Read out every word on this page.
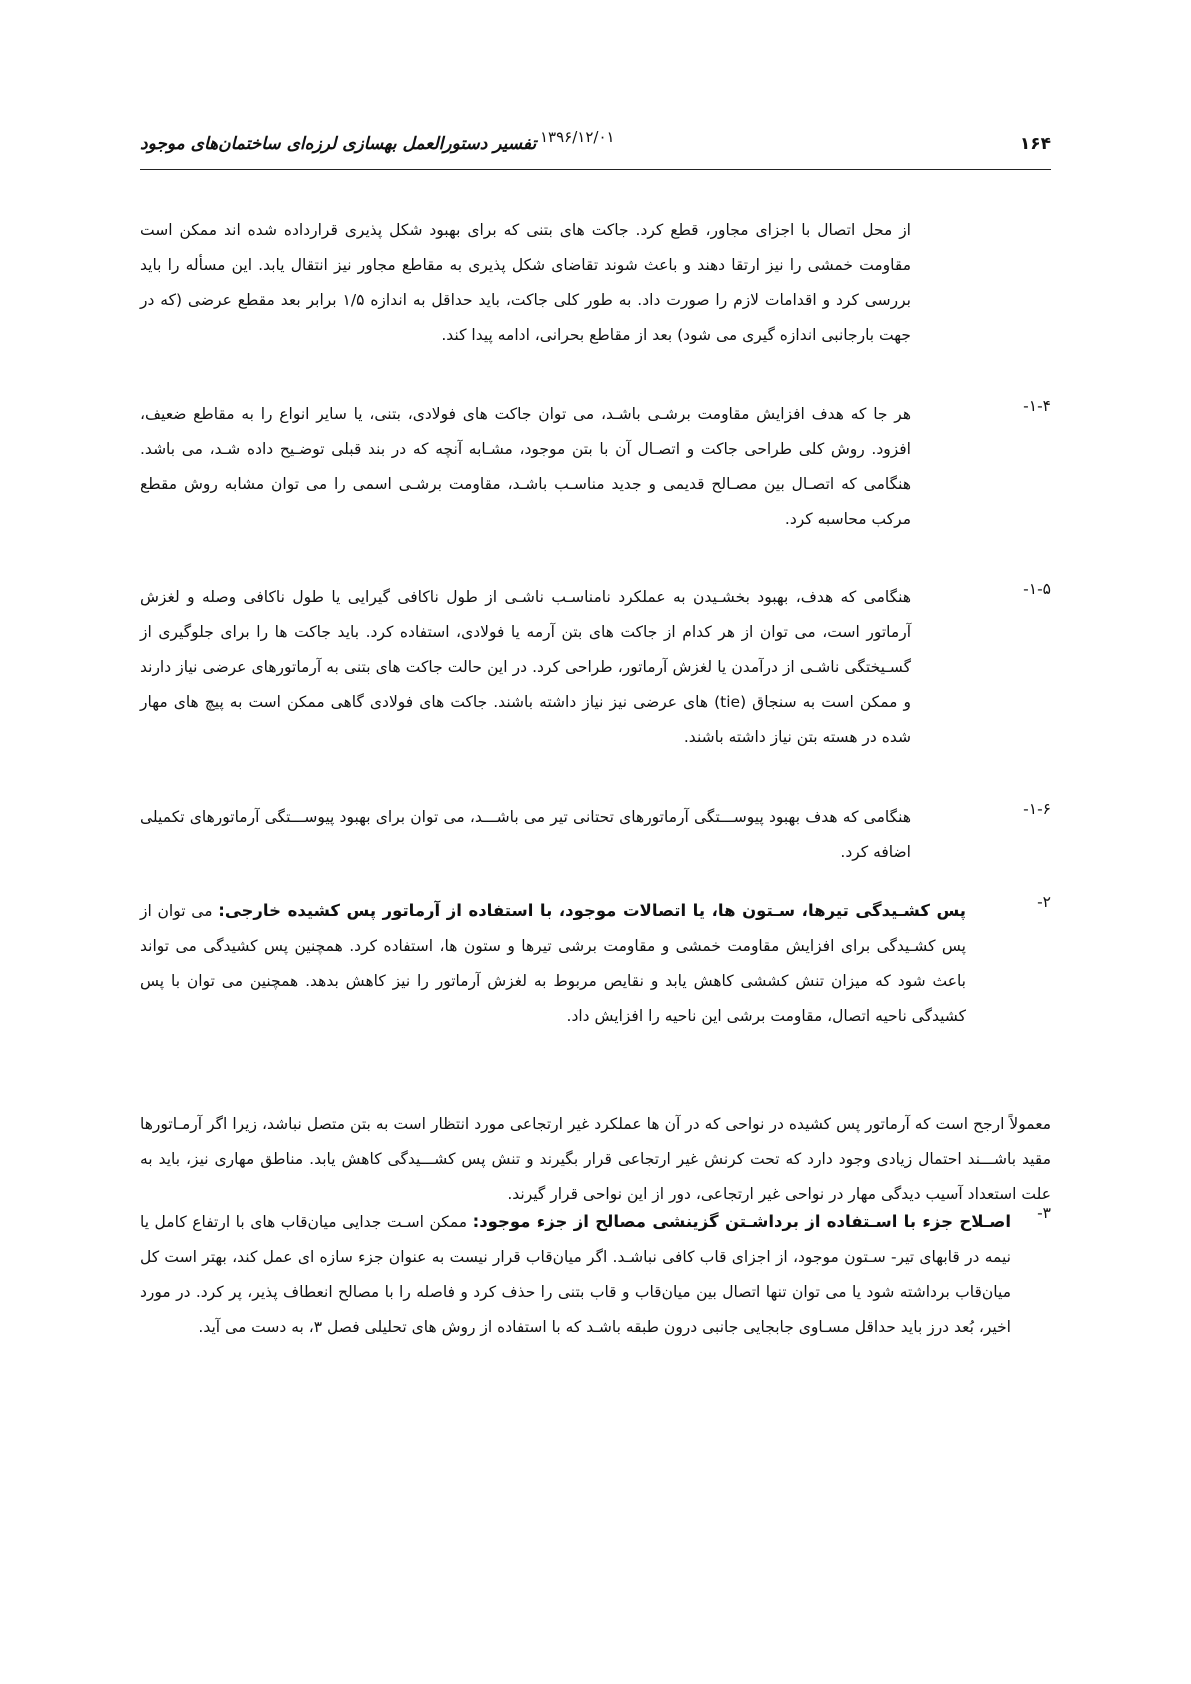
۱۶۴
۱۳۹۶/۱۲/۰۱
تفسیر دستورالعمل بهسازی لرزه‌ای ساختمان‌های موجود
از محل اتصال با اجزای مجاور، قطع کرد. جاکت های بتنی که برای بهبود شکل پذیری قرارداده شده اند ممکن است مقاومت خمشی را نیز ارتقا دهند و باعث شوند تقاضای شکل پذیری به مقاطع مجاور نیز انتقال یابد. این مسأله را باید بررسی کرد و اقدامات لازم را صورت داد. به طور کلی جاکت، باید حداقل به اندازه ۱/۵ برابر بعد مقطع عرضی (که در جهت بارجانبی اندازه گیری می شود) بعد از مقاطع بحرانی، ادامه پیدا کند.
۱-۴-
هر جا که هدف افزایش مقاومت برشـی باشـد، می توان جاکت های فولادی، بتنی، یا سایر انواع را به مقاطع ضعیف، افزود. روش کلی طراحی جاکت و اتصـال آن با بتن موجود، مشـابه آنچه که در بند قبلی توضـیح داده شـد، می باشد. هنگامی که اتصـال بین مصـالح قدیمی و جدید مناسـب باشـد، مقاومت برشـی اسمی را می توان مشابه روش مقطع مرکب محاسبه کرد.
۱-۵-
هنگامی که هدف، بهبود بخشـیدن به عملکرد نامناسـب ناشـی از طول ناکافی گیرایی یا طول ناکافی وصله و لغزش آرماتور است، می توان از هر کدام از جاکت های بتن آرمه یا فولادی، استفاده کرد. باید جاکت ها را برای جلوگیری از گسـیختگی ناشـی از درآمدن یا لغزش آرماتور، طراحی کرد. در این حالت جاکت های بتنی به آرماتورهای عرضی نیاز دارند و ممکن است به سنجاق (tie) های عرضی نیز نیاز داشته باشند. جاکت های فولادی گاهی ممکن است به پیچ های مهار شده در هسته بتن نیاز داشته باشند.
۱-۶-
هنگامی که هدف بهبود پیوســـتگی آرماتورهای تحتانی تیر می باشـــد، می توان برای بهبود پیوســـتگی آرماتورهای تکمیلی اضافه کرد.
۲-
پس کشـیدگی تیرها، سـتون ها، یا اتصالات موجود، با استفاده از آرماتور پس کشیده خارجی: می توان از پس کشـیدگی برای افزایش مقاومت خمشی و مقاومت برشی تیرها و ستون ها، استفاده کرد. همچنین پس کشیدگی می تواند باعث شود که میزان تنش کششی کاهش یابد و نقایص مربوط به لغزش آرماتور را نیز کاهش بدهد. همچنین می توان با پس کشیدگی ناحیه اتصال، مقاومت برشی این ناحیه را افزایش داد.
معمولاً ارجح است که آرماتور پس کشیده در نواحی که در آن ها عملکرد غیر ارتجاعی مورد انتظار است به بتن متصل نباشد، زیرا اگر آرمـاتورها مقید باشـــند احتمال زیادی وجود دارد که تحت کرنش غیر ارتجاعی قرار بگیرند و تنش پس کشـــیدگی کاهش یابد. مناطق مهاری نیز، باید به علت استعداد آسیب دیدگی مهار در نواحی غیر ارتجاعی، دور از این نواحی قرار گیرند.
۳-
اصـلاح جزء با اسـتفاده از برداشـتن گزینشی مصالح از جزء موجود: ممکن اسـت جدایی میان‌قاب های با ارتفاع کامل یا نیمه در قابهای تیر- سـتون موجود، از اجزای قاب کافی نباشـد. اگر میان‌قاب قرار نیست به عنوان جزء سازه ای عمل کند، بهتر است کل میان‌قاب برداشته شود یا می توان تنها اتصال بین میان‌قاب و قاب بتنی را حذف کرد و فاصله را با مصالح انعطاف پذیر، پر کرد. در مورد اخیر، بُعد درز باید حداقل مسـاوی جابجایی جانبی درون طبقه باشـد که با استفاده از روش های تحلیلی فصل ۳، به دست می آید.
